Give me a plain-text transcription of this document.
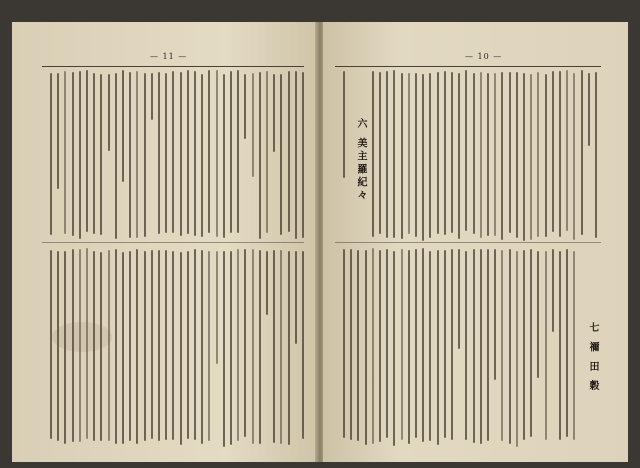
— 11 —	— 10 —
六 美主羅紀々
七 禰 田 穀
